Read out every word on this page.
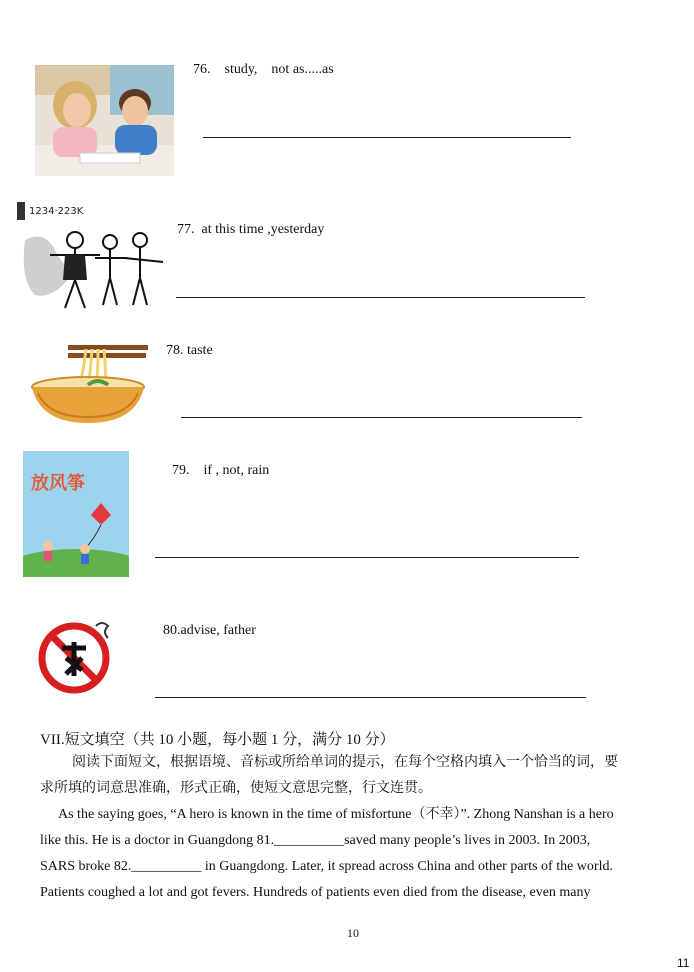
76.    study,    not as.....as
1234·223K
77.  at this time ,yesterday
78. taste
放风筝
79.    if , not, rain
80.advise, father
VII.短文填空（共 10 小题，每小题 1 分，满分 10 分）
阅读下面短文，根据语境、音标或所给单词的提示，在每个空格内填入一个恰当的词，要
求所填的词意思准确，形式正确，使短文意思完整，行文连贯。
As the saying goes, “A hero is known in the time of misfortune（不幸）”. Zhong Nanshan is a hero
like this. He is a doctor in Guangdong 81.__________saved many people’s lives in 2003. In 2003,
SARS broke 82.__________ in Guangdong. Later, it spread across China and other parts of the world.
Patients coughed a lot and got fevers. Hundreds of patients even died from the disease, even many
10
11
